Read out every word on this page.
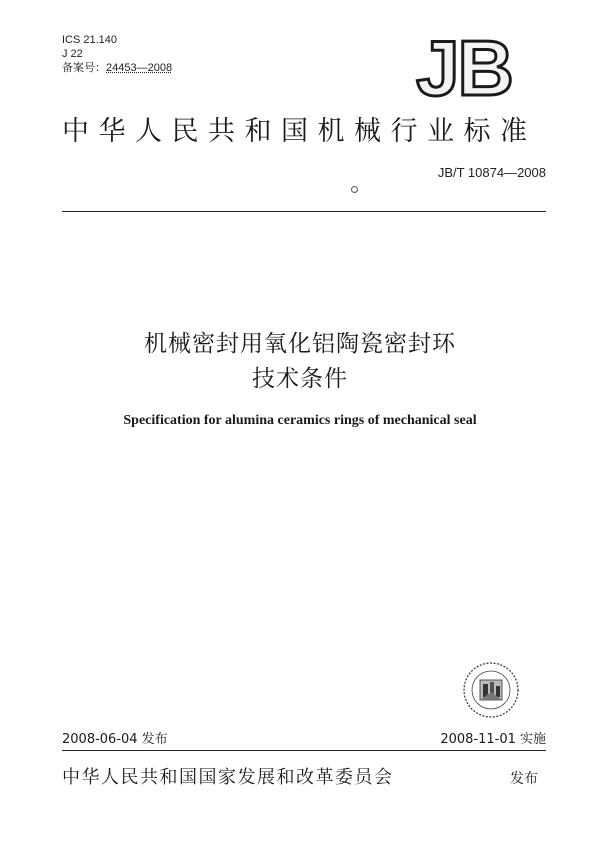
ICS 21.140
J 22
备案号：24453—2008	JB
中华人民共和国机械行业标准
JB/T 10874—2008
机械密封用氧化铝陶瓷密封环
技术条件
Specification for alumina ceramics rings of mechanical seal
2008-06-04 发布	2008-11-01 实施
中华人民共和国国家发展和改革委员会	发布
